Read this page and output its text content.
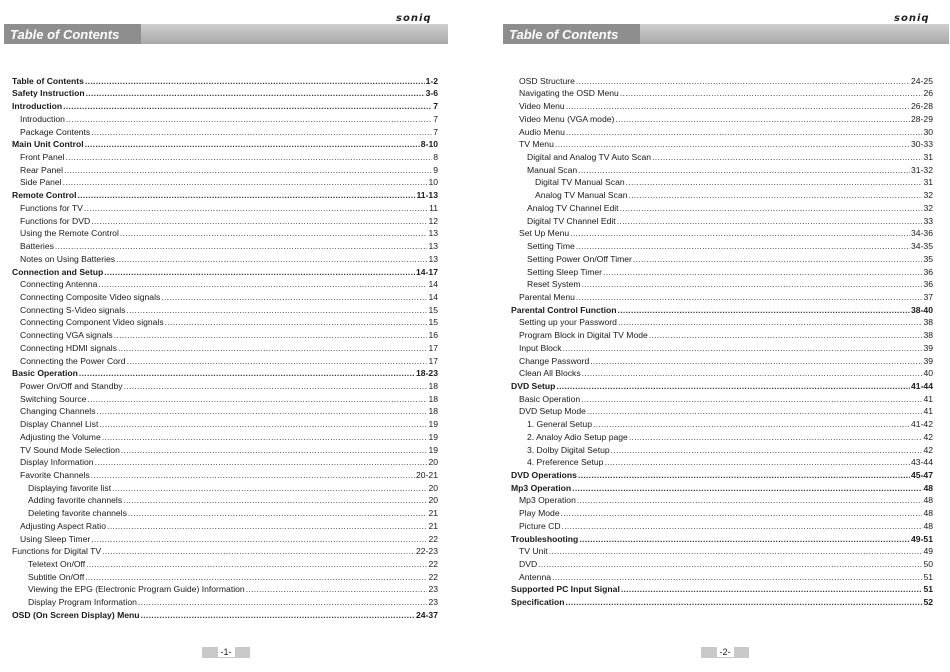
soniq
Table of Contents
Table of Contents .....	1-2
Safety Instruction .....	3-6
Introduction .....	7
Introduction .....	7
Package Contents .....	7
Main Unit Control .....	8-10
Front Panel .....	8
Rear Panel .....	9
Side Panel .....	10
Remote Control .....	11-13
Functions for TV .....	11
Functions for DVD .....	12
Using the Remote Control .....	13
Batteries .....	13
Notes on Using Batteries .....	13
Connection and Setup .....	14-17
Connecting Antenna .....	14
Connecting Composite Video signals .....	14
Connecting S-Video signals .....	15
Connecting Component Video signals .....	15
Connecting VGA signals .....	16
Connecting HDMI signals .....	17
Connecting the Power Cord .....	17
Basic Operation .....	18-23
Power On/Off and Standby .....	18
Switching Source .....	18
Changing Channels .....	18
Display Channel List .....	19
Adjusting the Volume .....	19
TV Sound Mode Selection .....	19
Display Information .....	20
Favorite Channels .....	20-21
Displaying favorite list .....	20
Adding favorite channels .....	20
Deleting favorite channels .....	21
Adjusting Aspect Ratio .....	21
Using Sleep Timer .....	22
Functions for Digital TV .....	22-23
Teletext On/Off .....	22
Subtitle On/Off .....	22
Viewing the EPG (Electronic Program Guide) Information .....	23
Display Program Information .....	23
OSD (On Screen Display) Menu .....	24-37
-1-
soniq
Table of Contents
OSD Structure .....	24-25
Navigating the OSD Menu .....	26
Video Menu .....	26-28
Video Menu (VGA mode) .....	28-29
Audio Menu .....	30
TV Menu .....	30-33
Digital and Analog TV Auto Scan .....	31
Manual Scan .....	31-32
Digital TV Manual Scan .....	31
Analog TV Manual Scan .....	32
Analog TV Channel Edit .....	32
Digital TV Channel Edit .....	33
Set Up Menu .....	34-36
Setting Time .....	34-35
Setting Power On/Off Timer .....	35
Setting Sleep Timer .....	36
Reset System .....	36
Parental Menu .....	37
Parental Control Function .....	38-40
Setting up your Password .....	38
Program Block in Digital TV Mode .....	38
Input Block .....	39
Change Password .....	39
Clean All Blocks .....	40
DVD Setup .....	41-44
Basic Operation .....	41
DVD Setup Mode .....	41
1. General Setup .....	41-42
2. Analoy Adio Setup page .....	42
3. Dolby Digital Setup .....	42
4. Preference Setup .....	43-44
DVD Operations .....	45-47
Mp3 Operation .....	48
Mp3 Operation .....	48
Play Mode .....	48
Picture CD .....	48
Troubleshooting .....	49-51
TV Unit .....	49
DVD .....	50
Antenna .....	51
Supported PC Input Signal .....	51
Specification .....	52
-2-
